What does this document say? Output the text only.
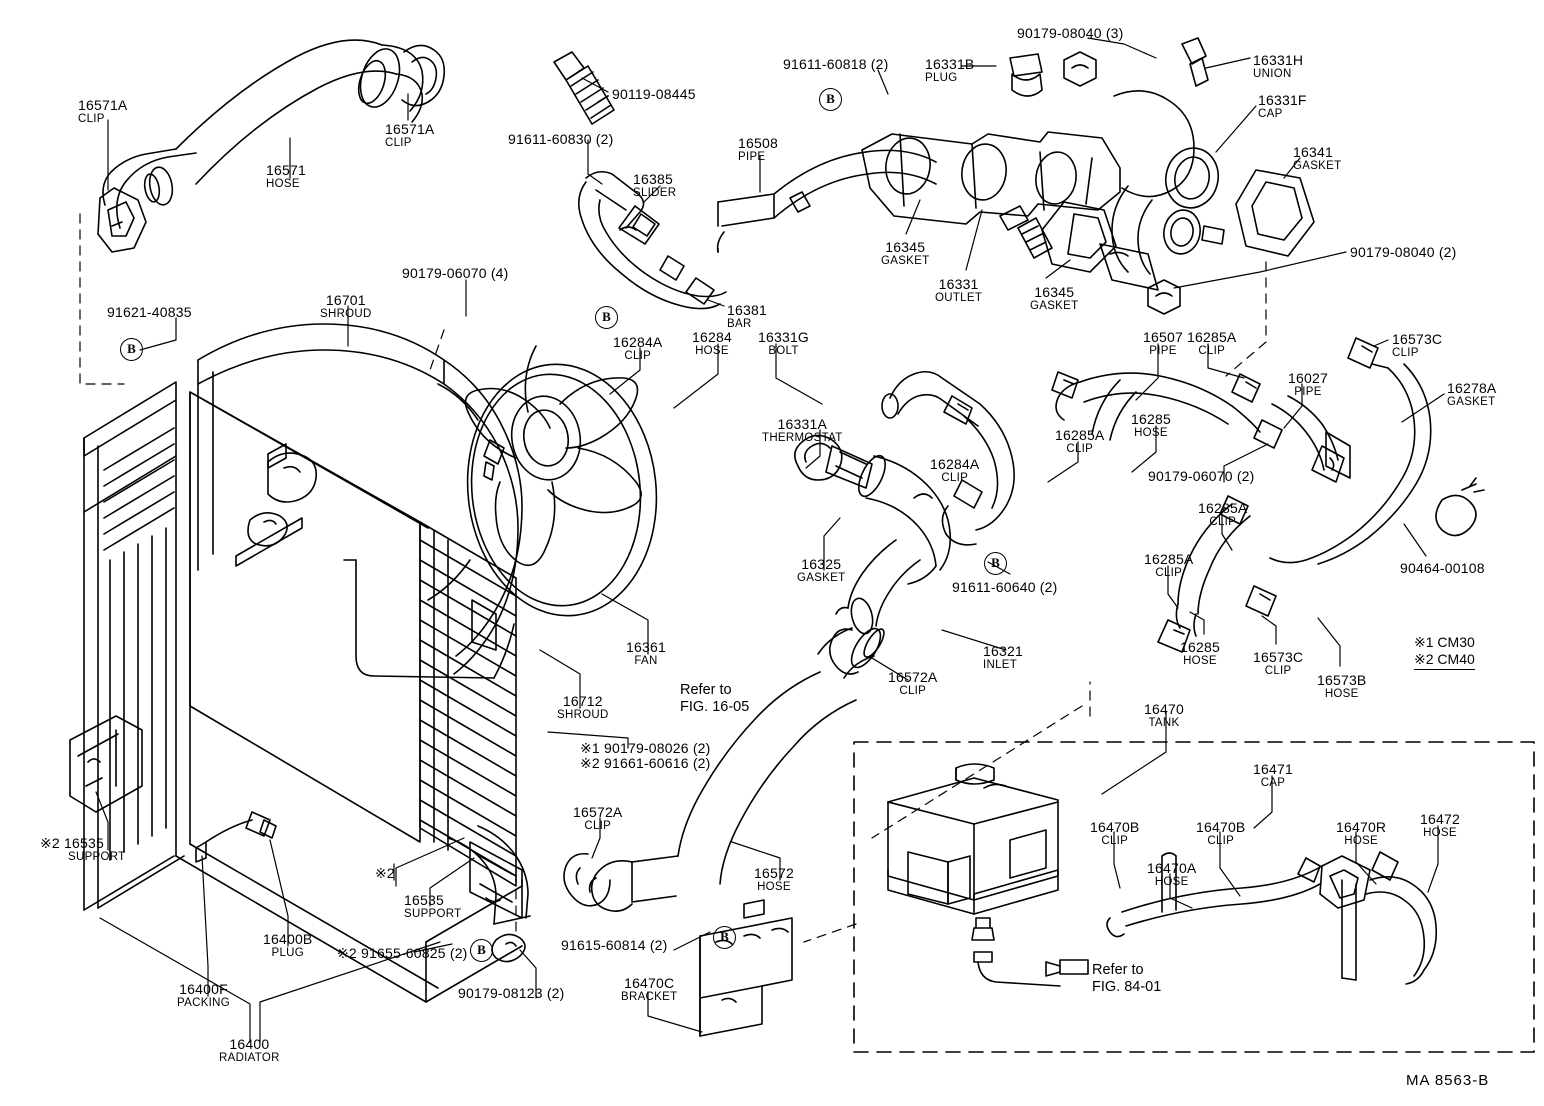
B
B
B
B
B
B
16571A
CLIP
16571A
CLIP
16571
HOSE
90119-08445
91611-60830 (2)
16385
SLIDER
16381
BAR
16508
PIPE
91611-60818 (2)	16331B
PLUG
90179-08040 (3)
16331H
UNION
16331F
CAP
16341
GASKET
90179-08040 (2)
16345
GASKET
16331
OUTLET	16345
GASKET
16507
PIPE
16285A
CLIP
16573C
CLIP
16027
PIPE	16278A
GASKET
90179-06070 (4)
91621-40835
16701
SHROUD
16284A
CLIP
16284
HOSE
16331G
BOLT
16331A
THERMOSTAT	16285A
CLIP
16285
HOSE
90179-06070 (2)
16284A
CLIP
16285A
CLIP
16285A
CLIP
16285
HOSE	16573C
CLIP
16573B
HOSE
90464-00108
16325
GASKET
91611-60640 (2)
16321
INLET
16572A
CLIP
16361
FAN
16712
SHROUD	16470
TANK
16471
CAP
16470B
CLIP
16470B
CLIP
16470R
HOSE
16472
HOSE
16470A
HOSE
※2 16535
SUPPORT
16535
SUPPORT
16572A
CLIP
16572
HOSE
16400B
PLUG
16400F
PACKING
16400
RADIATOR
16470C
BRACKET
91615-60814 (2)
90179-08123 (2)
※1 90179-08026 (2)
※2 91661-60616 (2)
※2 91655-60825 (2)
※2
Refer to
FIG. 16-05
Refer to
FIG. 84-01
※1 CM30
※2 CM40
MA 8563-B
